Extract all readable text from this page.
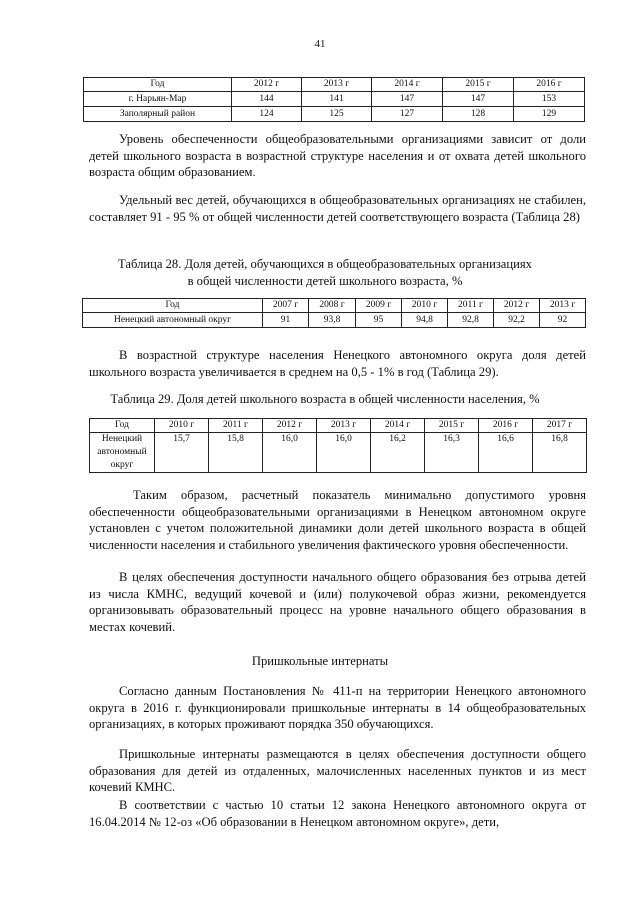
41
Год	2012 г	2013 г	2014 г	2015 г	2016 г
г. Нарьян-Мар	144	141	147	147	153
Заполярный район	124	125	127	128	129

Уровень обеспеченности общеобразовательными организациями зависит от доли детей школьного возраста в возрастной структуре населения и от охвата детей школьного возраста общим образованием.

Удельный вес детей, обучающихся в общеобразовательных организациях не стабилен, составляет 91 - 95 % от общей численности детей соответствующего возраста (Таблица 28)

Таблица 28. Доля детей, обучающихся в общеобразовательных организациях
в общей численности детей школьного возраста, %
Год	2007 г	2008 г	2009 г	2010 г	2011 г	2012 г	2013 г
Ненецкий автономный округ	91	93,8	95	94,8	92,8	92,2	92

В возрастной структуре населения Ненецкого автономного округа доля детей школьного возраста увеличивается в среднем на 0,5 - 1% в год (Таблица 29).

Таблица 29. Доля детей школьного возраста в общей численности населения, %
Год	2010 г	2011 г	2012 г	2013 г	2014 г	2015 г	2016 г	2017 г

Ненецкий
автономный
округ	15,7	15,8	16,0	16,0	16,2	16,3	16,6	16,8

Таким образом, расчетный показатель минимально допустимого уровня обеспеченности общеобразовательными организациями в Ненецком автономном округе установлен с учетом положительной динамики доли детей школьного возраста в общей численности населения и стабильного увеличения фактического уровня обеспеченности.

В целях обеспечения доступности начального общего образования без отрыва детей из числа КМНС, ведущий кочевой и (или) полукочевой образ жизни, рекомендуется организовывать образовательный процесс на уровне начального общего образования в местах кочевий.

Пришкольные интернаты

Согласно данным Постановления № 411-п на территории Ненецкого автономного округа в 2016 г. функционировали пришкольные интернаты в 14 общеобразовательных организациях, в которых проживают порядка 350 обучающихся.

Пришкольные интернаты размещаются в целях обеспечения доступности общего образования для детей из отдаленных, малочисленных населенных пунктов и из мест кочевий КМНС.

В соответствии с частью 10 статьи 12 закона Ненецкого автономного округа от 16.04.2014 № 12-оз «Об образовании в Ненецком автономном округе», дети,
